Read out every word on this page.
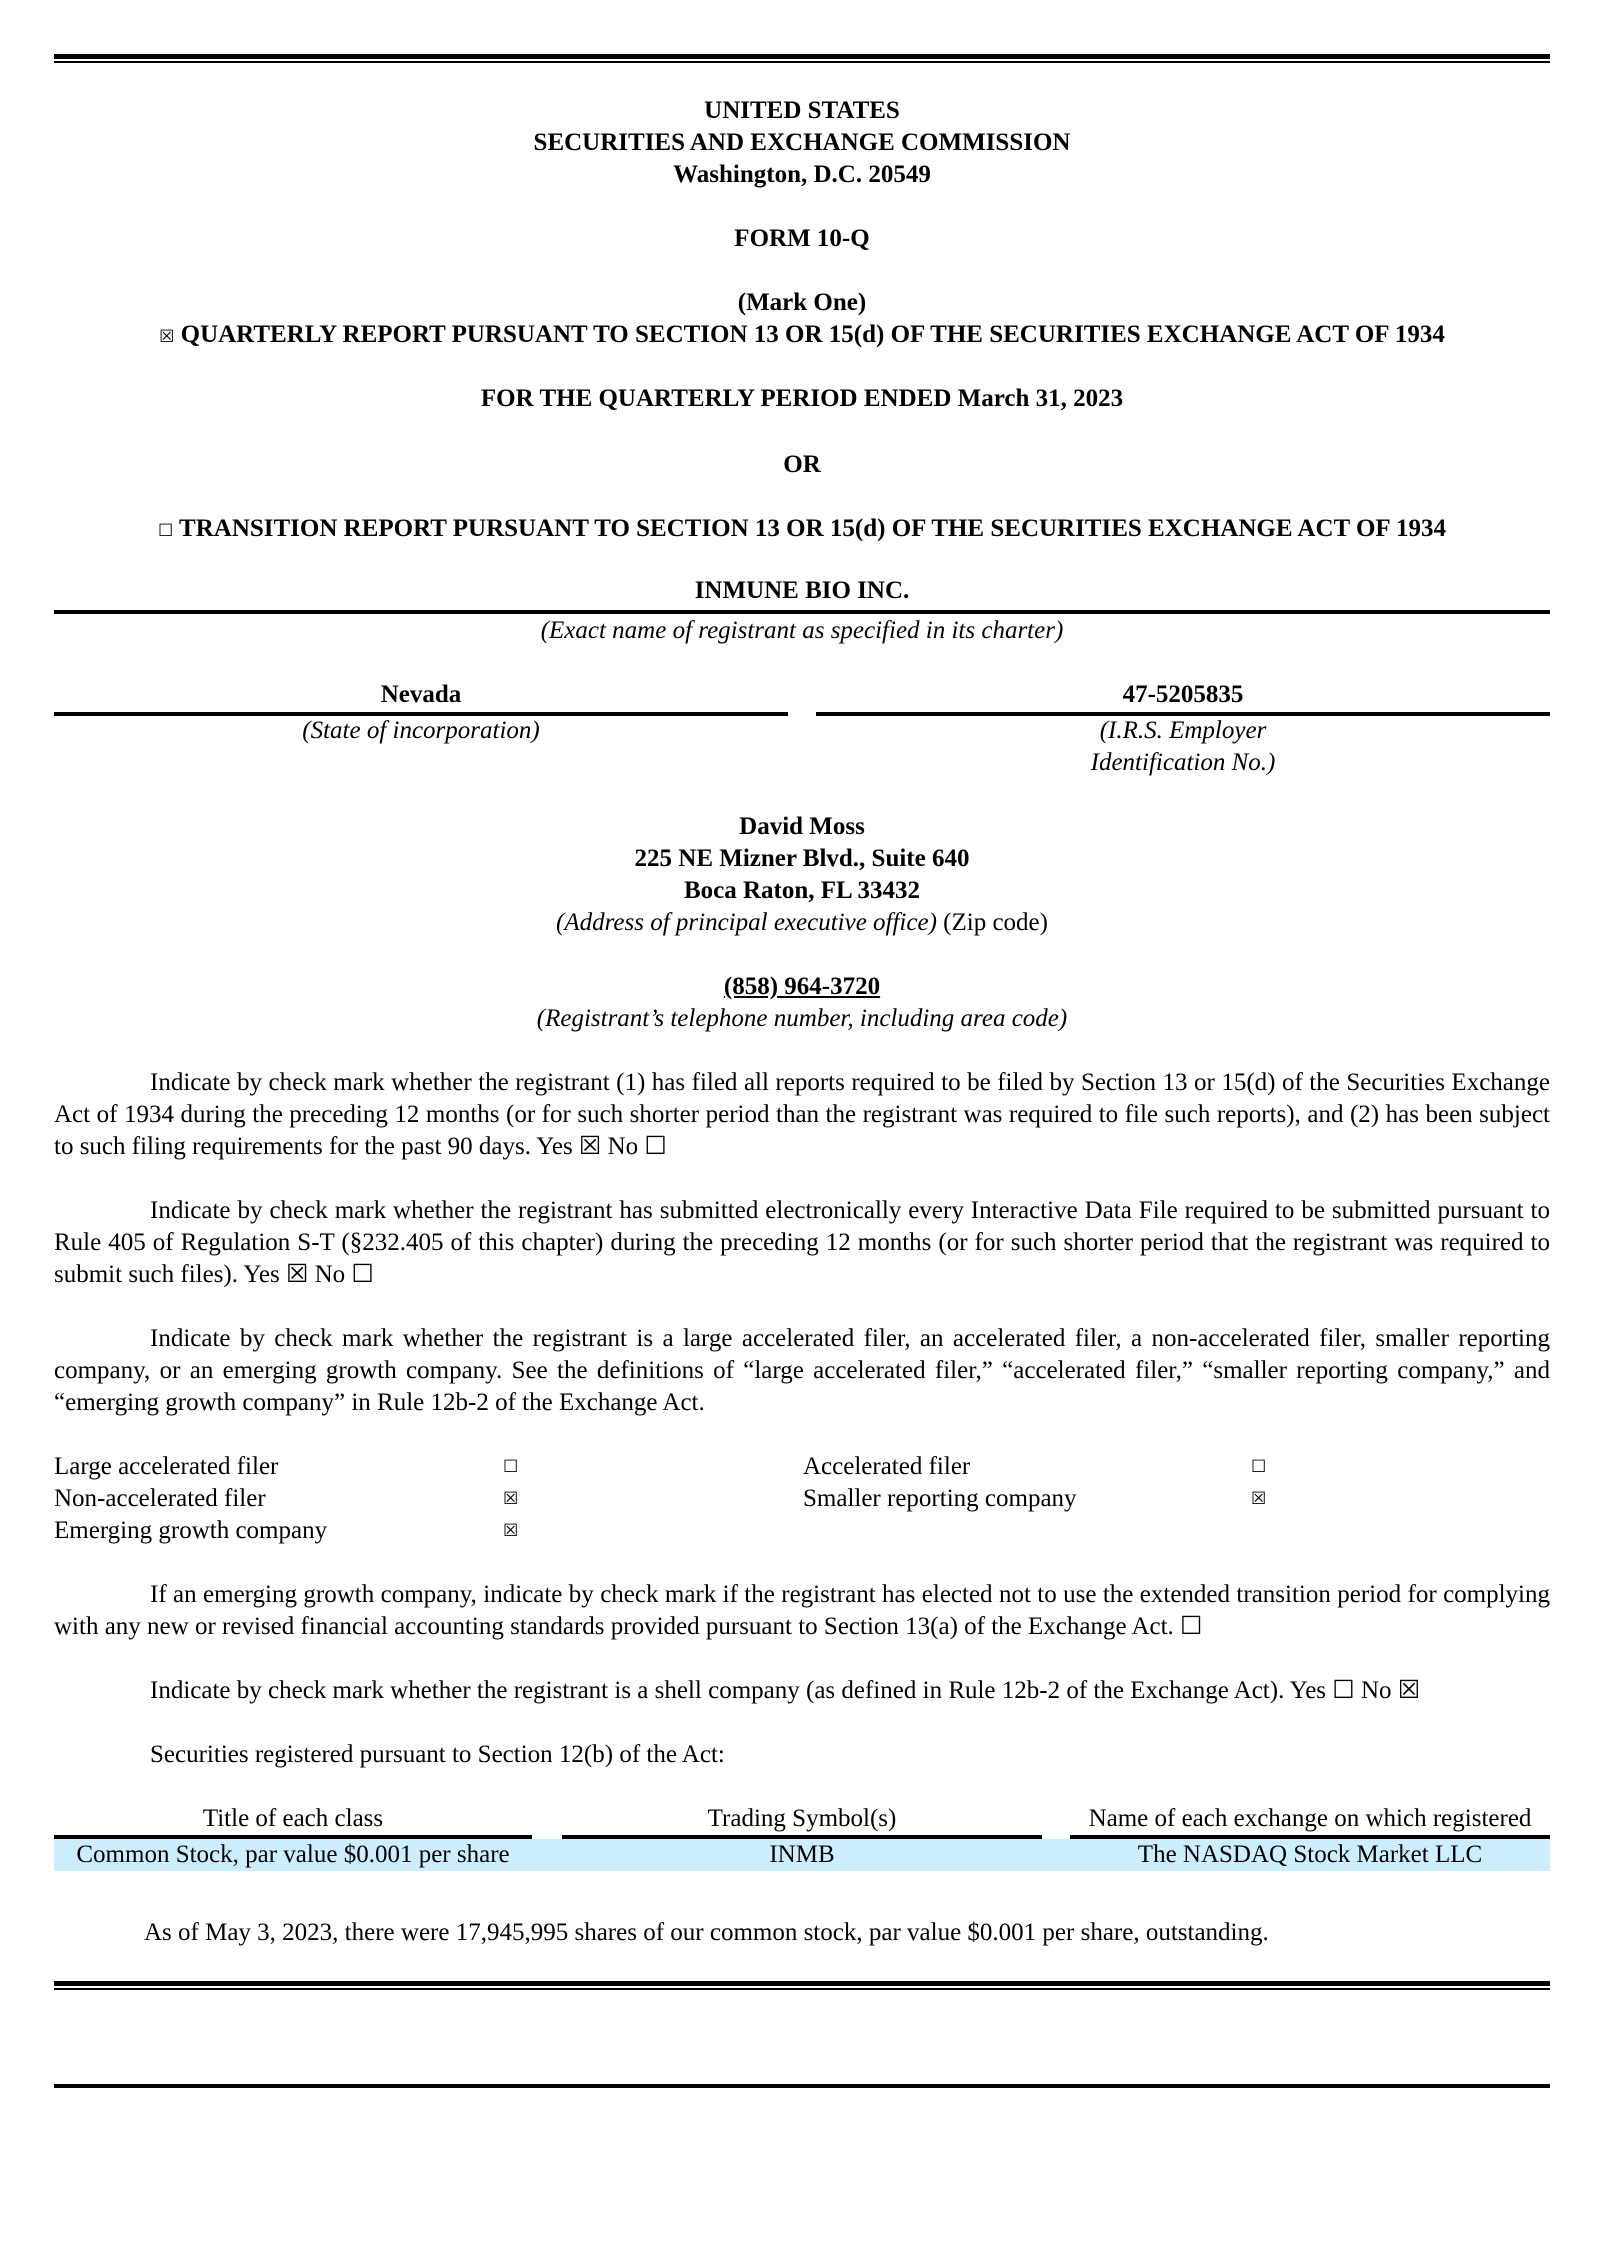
UNITED STATES
SECURITIES AND EXCHANGE COMMISSION
Washington, D.C. 20549
FORM 10-Q
(Mark One)
☒ QUARTERLY REPORT PURSUANT TO SECTION 13 OR 15(d) OF THE SECURITIES EXCHANGE ACT OF 1934
FOR THE QUARTERLY PERIOD ENDED March 31, 2023
OR
☐ TRANSITION REPORT PURSUANT TO SECTION 13 OR 15(d) OF THE SECURITIES EXCHANGE ACT OF 1934
INMUNE BIO INC.
(Exact name of registrant as specified in its charter)
Nevada
(State of incorporation)
47-5205835
(I.R.S. Employer
Identification No.)
David Moss
225 NE Mizner Blvd., Suite 640
Boca Raton, FL 33432
(Address of principal executive office) (Zip code)
(858) 964-3720
(Registrant’s telephone number, including area code)
Indicate by check mark whether the registrant (1) has filed all reports required to be filed by Section 13 or 15(d) of the Securities Exchange Act of 1934 during the preceding 12 months (or for such shorter period than the registrant was required to file such reports), and (2) has been subject to such filing requirements for the past 90 days. Yes ☒ No ☐
Indicate by check mark whether the registrant has submitted electronically every Interactive Data File required to be submitted pursuant to Rule 405 of Regulation S-T (§232.405 of this chapter) during the preceding 12 months (or for such shorter period that the registrant was required to submit such files). Yes ☒ No ☐
Indicate by check mark whether the registrant is a large accelerated filer, an accelerated filer, a non-accelerated filer, smaller reporting company, or an emerging growth company. See the definitions of “large accelerated filer,” “accelerated filer,” “smaller reporting company,” and “emerging growth company” in Rule 12b-2 of the Exchange Act.
Large accelerated filer	☐	Accelerated filer	☐
Non-accelerated filer	☒	Smaller reporting company	☒
Emerging growth company	☒
If an emerging growth company, indicate by check mark if the registrant has elected not to use the extended transition period for complying with any new or revised financial accounting standards provided pursuant to Section 13(a) of the Exchange Act. ☐
Indicate by check mark whether the registrant is a shell company (as defined in Rule 12b-2 of the Exchange Act). Yes ☐ No ☒
Securities registered pursuant to Section 12(b) of the Act:
Title of each class		Trading Symbol(s)		Name of each exchange on which registered

Common Stock, par value $0.001 per share		INMB		The NASDAQ Stock Market LLC
As of May 3, 2023, there were 17,945,995 shares of our common stock, par value $0.001 per share, outstanding.
